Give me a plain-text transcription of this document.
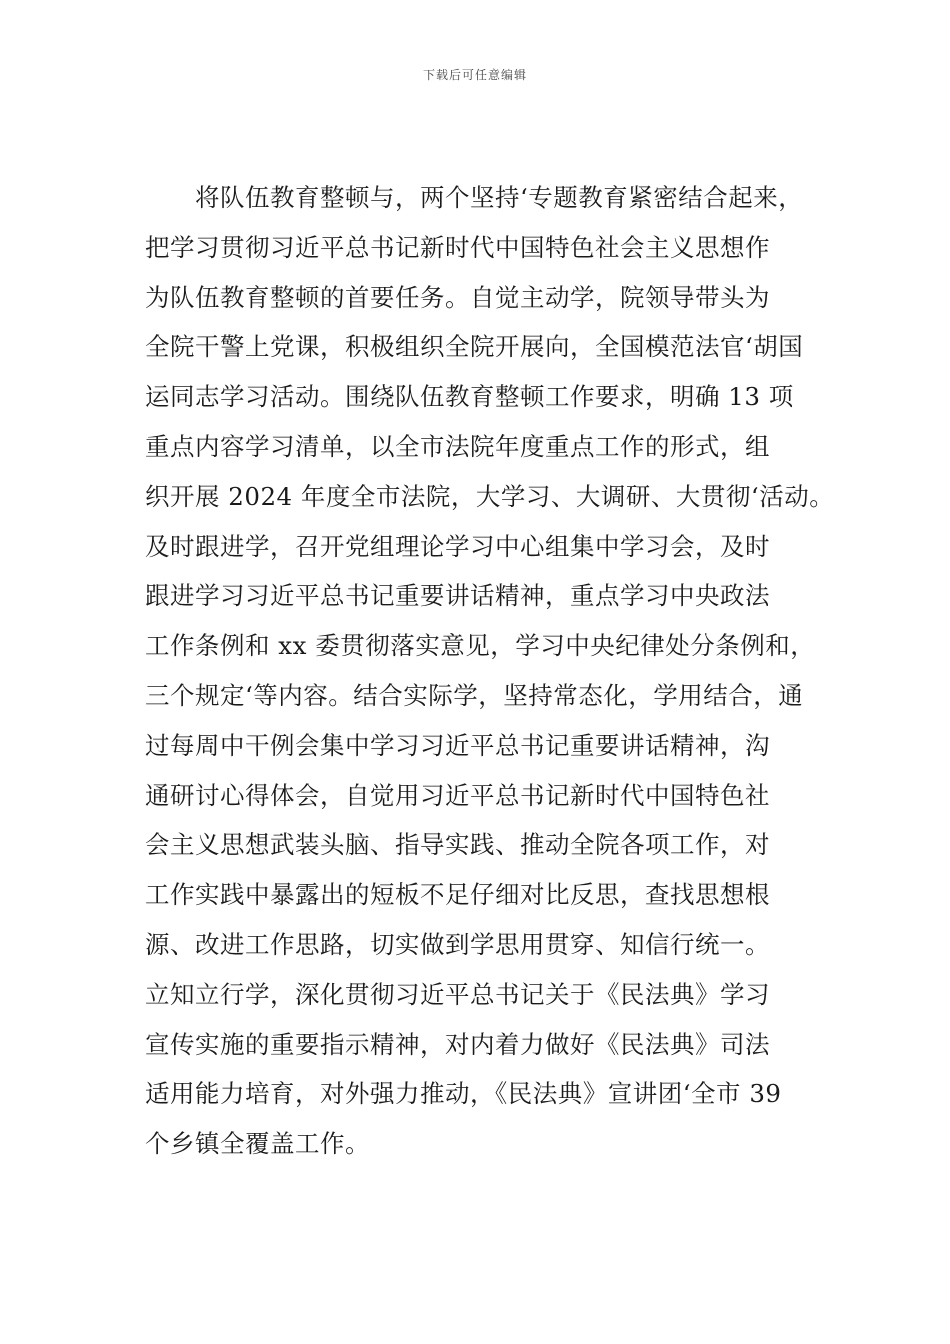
下载后可任意编辑
　　将队伍教育整顿与，两个坚持‘专题教育紧密结合起来，
把学习贯彻习近平总书记新时代中国特色社会主义思想作
为队伍教育整顿的首要任务。自觉主动学，院领导带头为
全院干警上党课，积极组织全院开展向，全国模范法官‘胡国
运同志学习活动。围绕队伍教育整顿工作要求，明确 13 项
重点内容学习清单，以全市法院年度重点工作的形式，组
织开展 2024 年度全市法院，大学习、大调研、大贯彻‘活动。
及时跟进学，召开党组理论学习中心组集中学习会，及时
跟进学习习近平总书记重要讲话精神，重点学习中央政法
工作条例和 xx 委贯彻落实意见，学习中央纪律处分条例和，
三个规定‘等内容。结合实际学，坚持常态化，学用结合，通
过每周中干例会集中学习习近平总书记重要讲话精神，沟
通研讨心得体会，自觉用习近平总书记新时代中国特色社
会主义思想武装头脑、指导实践、推动全院各项工作，对
工作实践中暴露出的短板不足仔细对比反思，查找思想根
源、改进工作思路，切实做到学思用贯穿、知信行统一。
立知立行学，深化贯彻习近平总书记关于《民法典》学习
宣传实施的重要指示精神，对内着力做好《民法典》司法
适用能力培育，对外强力推动，《民法典》宣讲团‘全市 39
个乡镇全覆盖工作。
